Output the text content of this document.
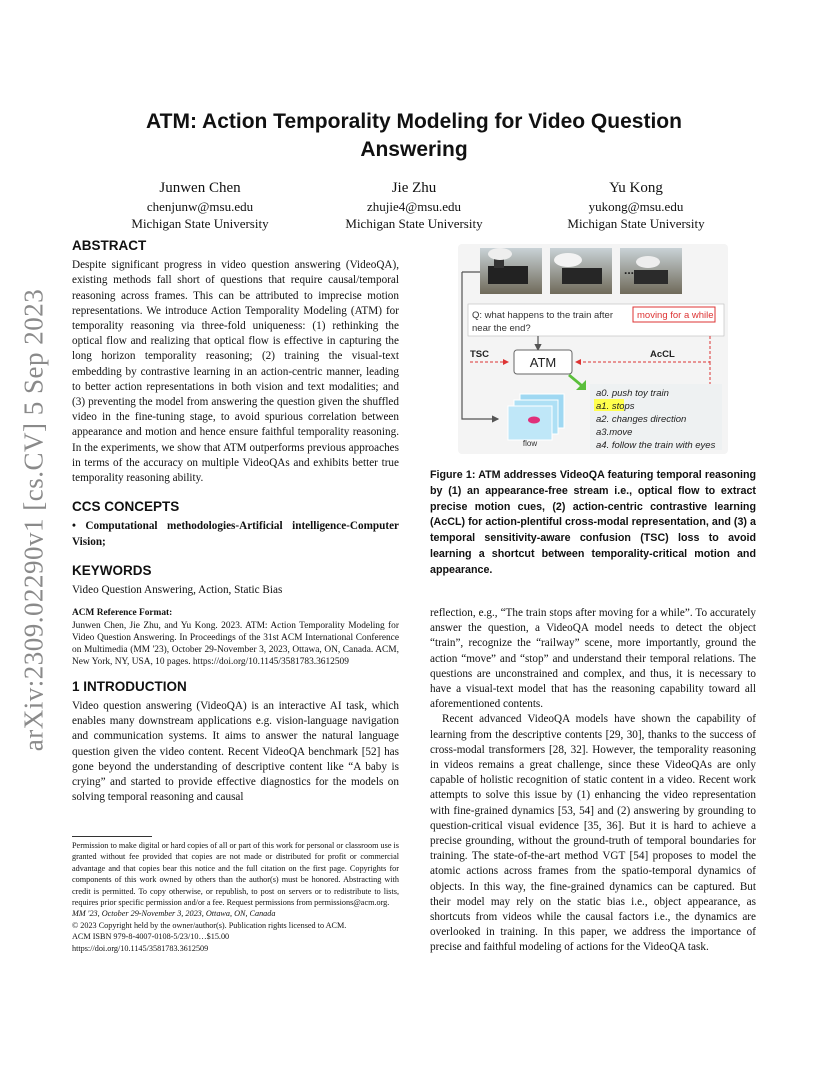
arXiv:2309.02290v1 [cs.CV] 5 Sep 2023
ATM: Action Temporality Modeling for Video Question Answering
Junwen Chen
chenjunw@msu.edu
Michigan State University
Jie Zhu
zhujie4@msu.edu
Michigan State University
Yu Kong
yukong@msu.edu
Michigan State University
ABSTRACT

Despite significant progress in video question answering (VideoQA), existing methods fall short of questions that require causal/temporal reasoning across frames. This can be attributed to imprecise motion representations. We introduce Action Temporality Modeling (ATM) for temporality reasoning via three-fold uniqueness: (1) rethinking the optical flow and realizing that optical flow is effective in capturing the long horizon temporality reasoning; (2) training the visual-text embedding by contrastive learning in an action-centric manner, leading to better action representations in both vision and text modalities; and (3) preventing the model from answering the question given the shuffled video in the fine-tuning stage, to avoid spurious correlation between appearance and motion and hence ensure faithful temporality reasoning. In the experiments, we show that ATM outperforms previous approaches in terms of the accuracy on multiple VideoQAs and exhibits better true temporality reasoning ability.

CCS CONCEPTS

• Computational methodologies-Artificial intelligence-Computer Vision;

KEYWORDS

Video Question Answering, Action, Static Bias

ACM Reference Format:

Junwen Chen, Jie Zhu, and Yu Kong. 2023. ATM: Action Temporality Modeling for Video Question Answering. In Proceedings of the 31st ACM International Conference on Multimedia (MM '23), October 29-November 3, 2023, Ottawa, ON, Canada. ACM, New York, NY, USA, 10 pages. https://doi.org/10.1145/3581783.3612509

1 INTRODUCTION

Video question answering (VideoQA) is an interactive AI task, which enables many downstream applications e.g. vision-language navigation and communication systems. It aims to answer the natural language question given the video content. Recent VideoQA benchmark [52] has gone beyond the understanding of descriptive content like “A baby is crying” and started to provide effective diagnostics for the models on solving temporal reasoning and causal

Permission to make digital or hard copies of all or part of this work for personal or classroom use is granted without fee provided that copies are not made or distributed for profit or commercial advantage and that copies bear this notice and the full citation on the first page. Copyrights for components of this work owned by others than the author(s) must be honored. Abstracting with credit is permitted. To copy otherwise, or republish, to post on servers or to redistribute to lists, requires prior specific permission and/or a fee. Request permissions from permissions@acm.org.

MM '23, October 29-November 3, 2023, Ottawa, ON, Canada

© 2023 Copyright held by the owner/author(s). Publication rights licensed to ACM.

ACM ISBN 979-8-4007-0108-5/23/10…$15.00

https://doi.org/10.1145/3581783.3612509

...
Q: what happens to the train after	moving for a while
near the end?
ATM
TSC	AcCL
flow
a0. push toy train
a1. stops
a2. changes direction
a3.move
a4. follow the train with eyes
Figure 1: ATM addresses VideoQA featuring temporal reasoning by (1) an appearance-free stream i.e., optical flow to extract precise motion cues, (2) action-centric contrastive learning (AcCL) for action-plentiful cross-modal representation, and (3) a temporal sensitivity-aware confusion (TSC) loss to avoid learning a shortcut between temporality-critical motion and appearance.

reflection, e.g., “The train stops after moving for a while”. To accurately answer the question, a VideoQA model needs to detect the object “train”, recognize the “railway” scene, more importantly, ground the action “move” and “stop” and understand their temporal relations. The questions are unconstrained and complex, and thus, it is necessary to have a visual-text model that has the reasoning capability toward all aforementioned contents.

Recent advanced VideoQA models have shown the capability of learning from the descriptive contents [29, 30], thanks to the success of cross-modal transformers [28, 32]. However, the temporality reasoning in videos remains a great challenge, since these VideoQAs are only capable of holistic recognition of static content in a video. Recent work attempts to solve this issue by (1) enhancing the video representation with fine-grained dynamics [53, 54] and (2) answering by grounding to question-critical visual evidence [35, 36]. But it is hard to achieve a precise grounding, without the ground-truth of temporal boundaries for training. The state-of-the-art method VGT [54] proposes to model the atomic actions across frames from the spatio-temporal dynamics of objects. In this way, the fine-grained dynamics can be captured. But their model may rely on the static bias i.e., object appearance, as shortcuts from videos while the causal factors i.e., the dynamics are overlooked in training. In this paper, we address the importance of precise and faithful modeling of actions for the VideoQA task.
